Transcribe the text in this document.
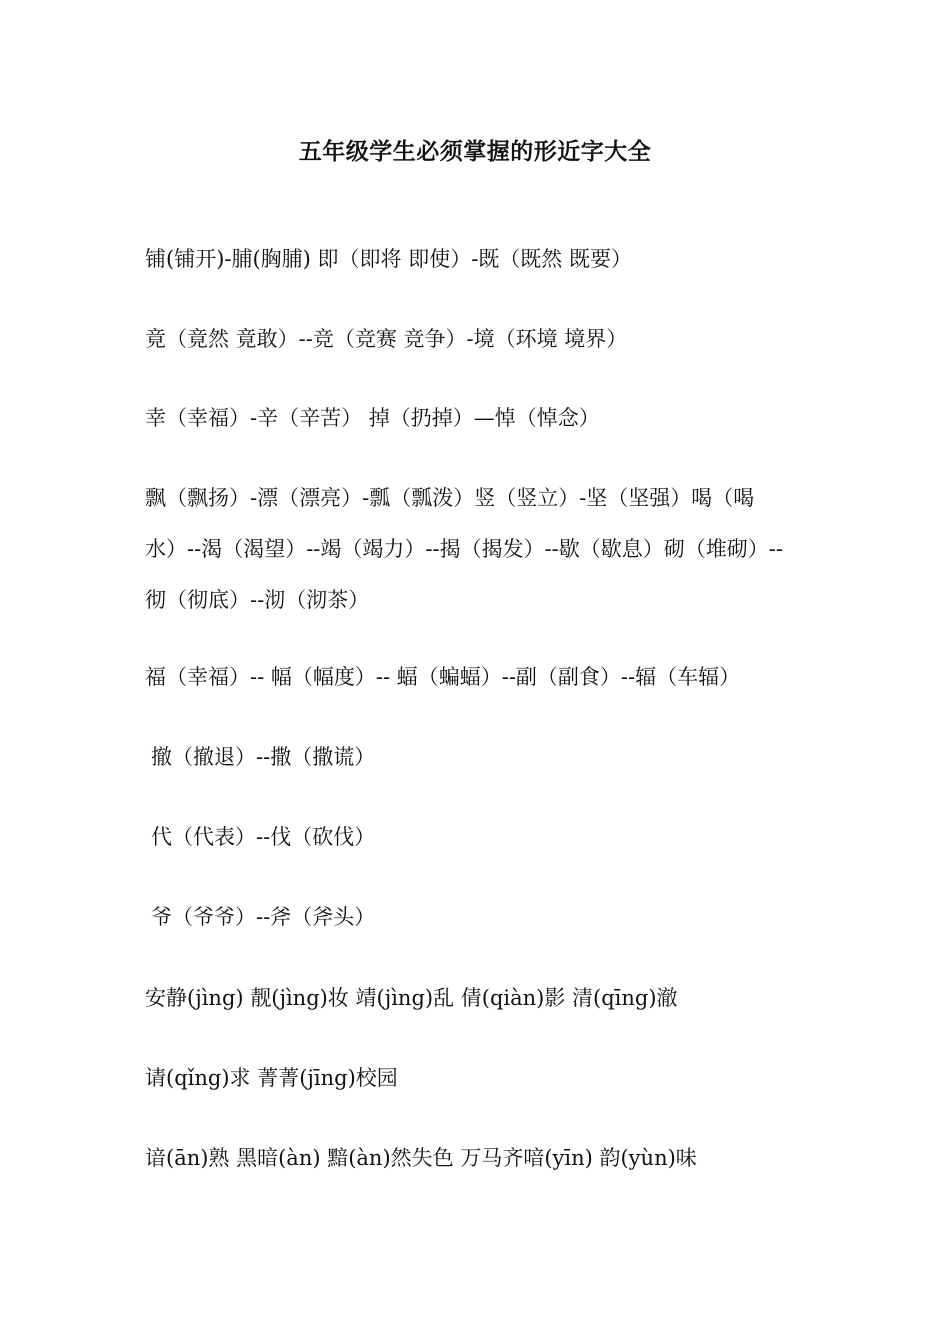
五年级学生必须掌握的形近字大全
铺(铺开)-脯(胸脯) 即（即将 即使）-既（既然 既要）
竟（竟然 竟敢）--竞（竞赛 竞争）-境（环境 境界）
幸（幸福）-辛（辛苦） 掉（扔掉）—悼（悼念）
飘（飘扬）-漂（漂亮）-瓢（瓢泼）竖（竖立）-坚（坚强）喝（喝
水）--渴（渴望）--竭（竭力）--揭（揭发）--歇（歇息）砌（堆砌）--
彻（彻底）--沏（沏茶）
福（幸福）-- 幅（幅度）-- 蝠（蝙蝠）--副（副食）--辐（车辐）
撤（撤退）--撒（撒谎）
代（代表）--伐（砍伐）
爷（爷爷）--斧（斧头）
安静(jìng) 靓(jìng)妆 靖(jìng)乱 倩(qiàn)影 清(qīng)澈
请(qǐng)求 菁菁(jīng)校园
谙(ān)熟 黑暗(àn) 黯(àn)然失色 万马齐喑(yīn) 韵(yùn)味
